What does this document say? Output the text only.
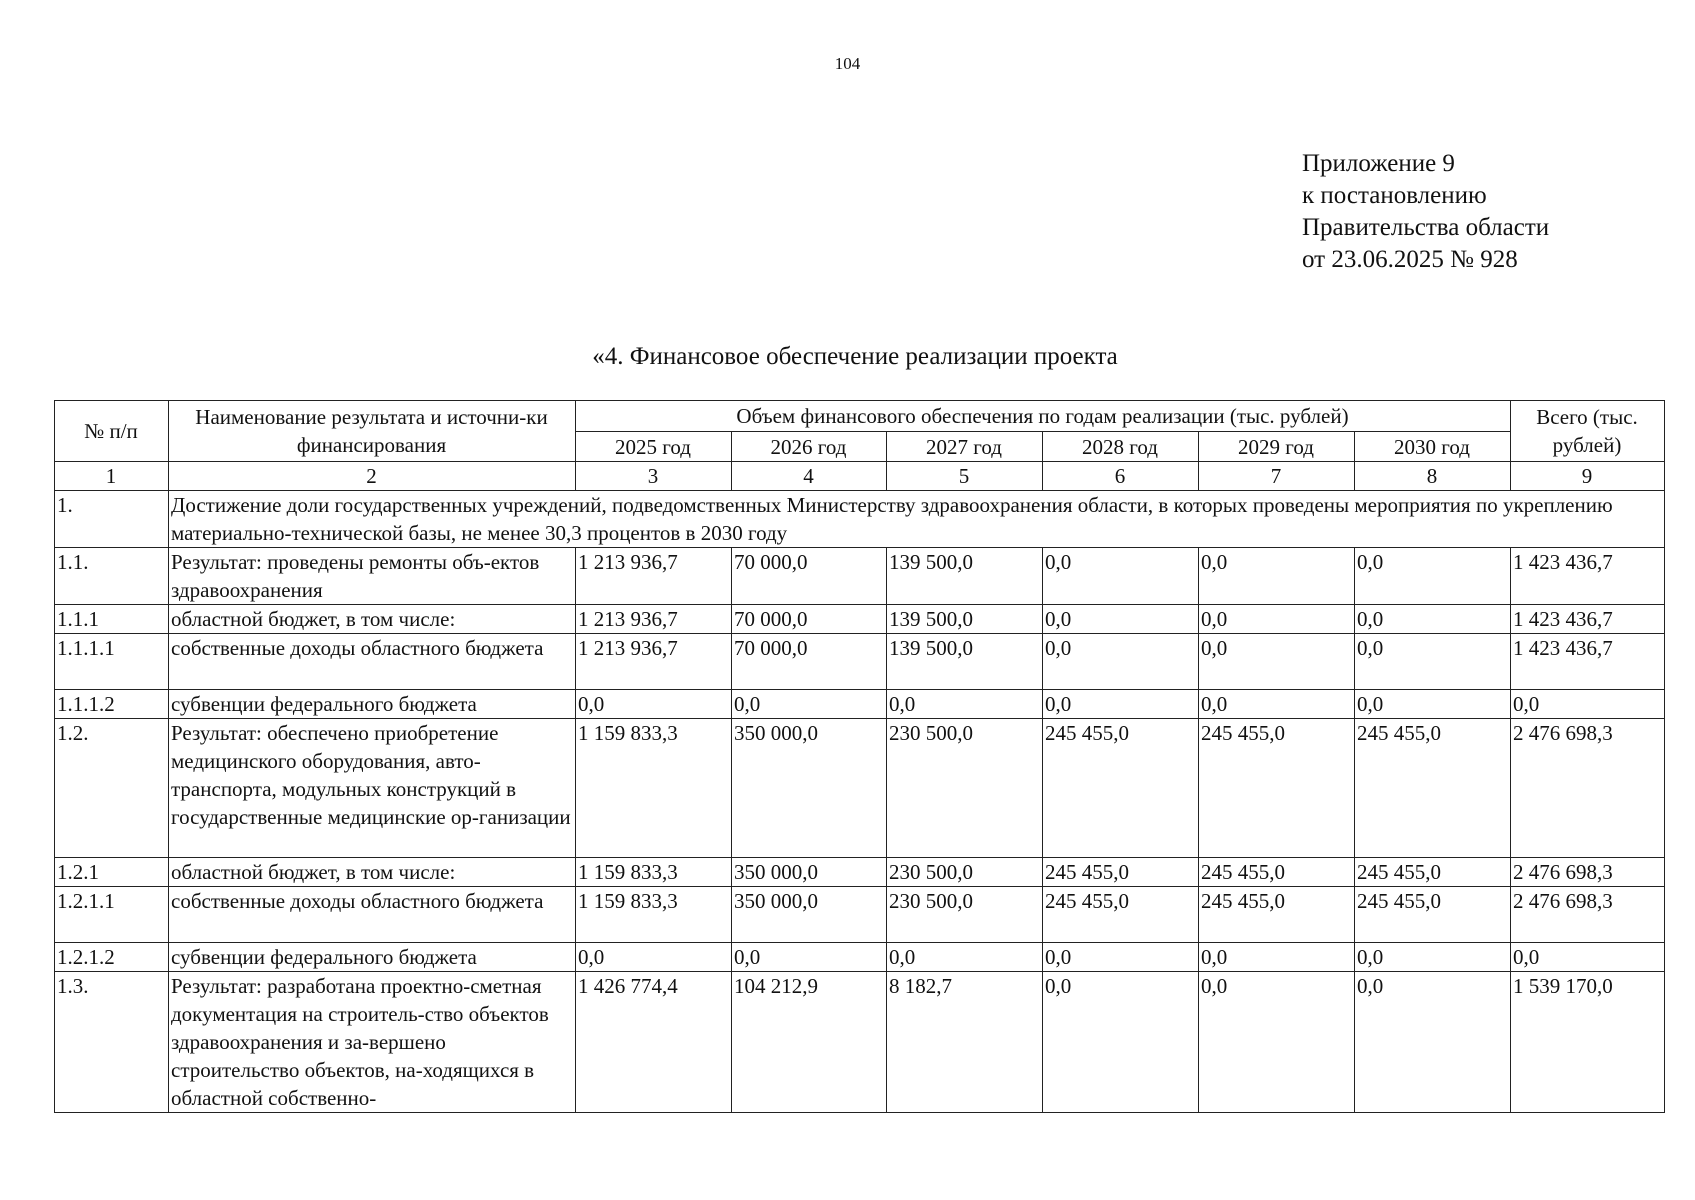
104
Приложение 9
к постановлению
Правительства области
от 23.06.2025 № 928
«4. Финансовое обеспечение реализации проекта
№ п/п	Наименование результата и источни-ки финансирования	Объем финансового обеспечения по годам реализации (тыс. рублей)						Всего (тыс. рублей)
		2025 год	2026 год	2027 год	2028 год	2029 год	2030 год	
1	2	3	4	5	6	7	8	9
1.	Достижение доли государственных учреждений, подведомственных Министерству здравоохранения области, в которых проведены мероприятия по укреплению материально-технической базы, не менее 30,3 процентов в 2030 году							
1.1.	Результат: проведены ремонты объ-ектов здравоохранения	1 213 936,7	70 000,0	139 500,0	0,0	0,0	0,0	1 423 436,7
1.1.1	областной бюджет, в том числе:	1 213 936,7	70 000,0	139 500,0	0,0	0,0	0,0	1 423 436,7
1.1.1.1	собственные доходы областного бюджета	1 213 936,7	70 000,0	139 500,0	0,0	0,0	0,0	1 423 436,7
1.1.1.2	субвенции федерального бюджета	0,0	0,0	0,0	0,0	0,0	0,0	0,0
1.2.	Результат: обеспечено приобретение медицинского оборудования, авто-транспорта, модульных конструкций в государственные медицинские ор-ганизации	1 159 833,3	350 000,0	230 500,0	245 455,0	245 455,0	245 455,0	2 476 698,3
1.2.1	областной бюджет, в том числе:	1 159 833,3	350 000,0	230 500,0	245 455,0	245 455,0	245 455,0	2 476 698,3
1.2.1.1	собственные доходы областного бюджета	1 159 833,3	350 000,0	230 500,0	245 455,0	245 455,0	245 455,0	2 476 698,3
1.2.1.2	субвенции федерального бюджета	0,0	0,0	0,0	0,0	0,0	0,0	0,0
1.3.	Результат: разработана проектно-сметная документация на строитель-ство объектов здравоохранения и за-вершено строительство объектов, на-ходящихся в областной собственно-	1 426 774,4	104 212,9	8 182,7	0,0	0,0	0,0	1 539 170,0
